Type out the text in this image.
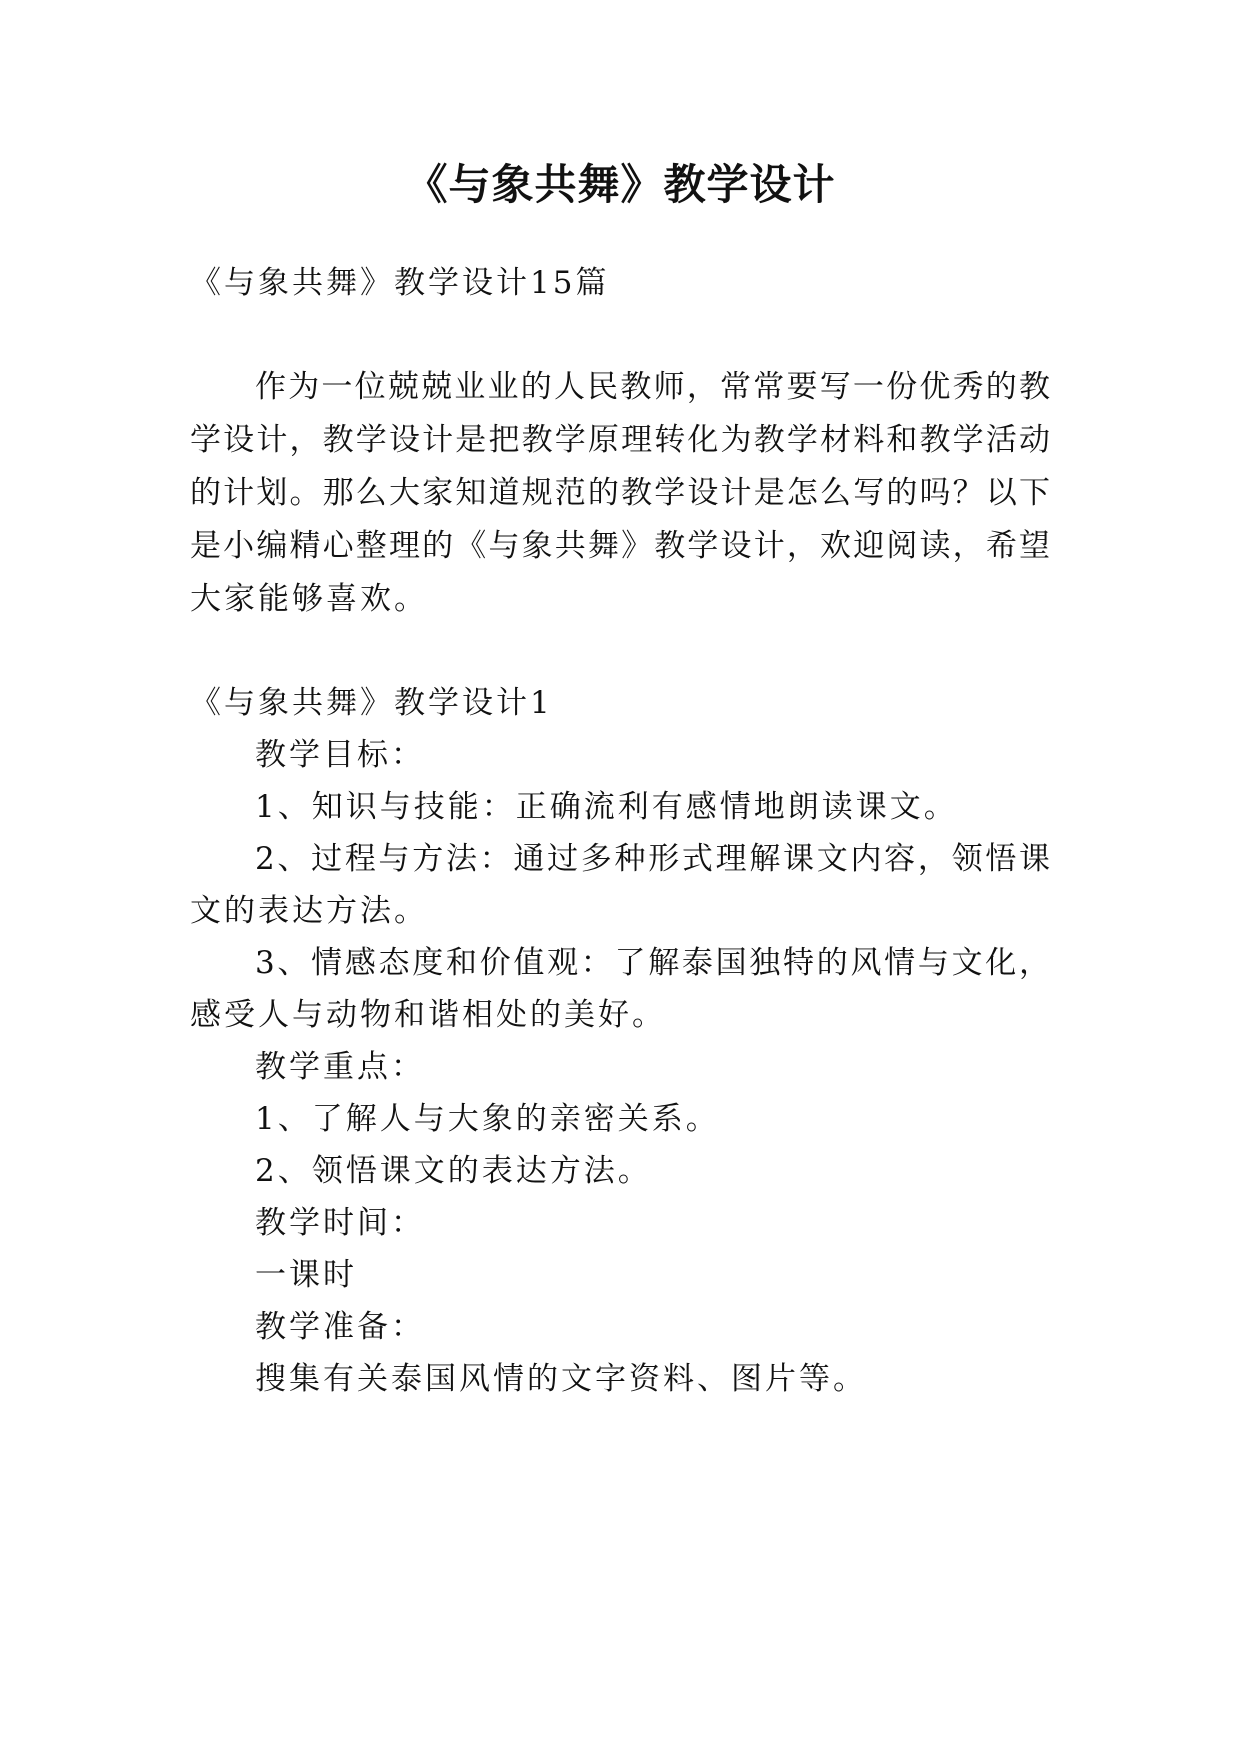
《与象共舞》教学设计
《与象共舞》教学设计15篇
作为一位兢兢业业的人民教师，常常要写一份优秀的教
学设计，教学设计是把教学原理转化为教学材料和教学活动
的计划。那么大家知道规范的教学设计是怎么写的吗？以下
是小编精心整理的《与象共舞》教学设计，欢迎阅读，希望
大家能够喜欢。
《与象共舞》教学设计1
教学目标：
1、知识与技能：正确流利有感情地朗读课文。
2、过程与方法：通过多种形式理解课文内容，领悟课
文的表达方法。
3、情感态度和价值观：了解泰国独特的风情与文化，
感受人与动物和谐相处的美好。
教学重点：
1、了解人与大象的亲密关系。
2、领悟课文的表达方法。
教学时间：
一课时
教学准备：
搜集有关泰国风情的文字资料、图片等。
